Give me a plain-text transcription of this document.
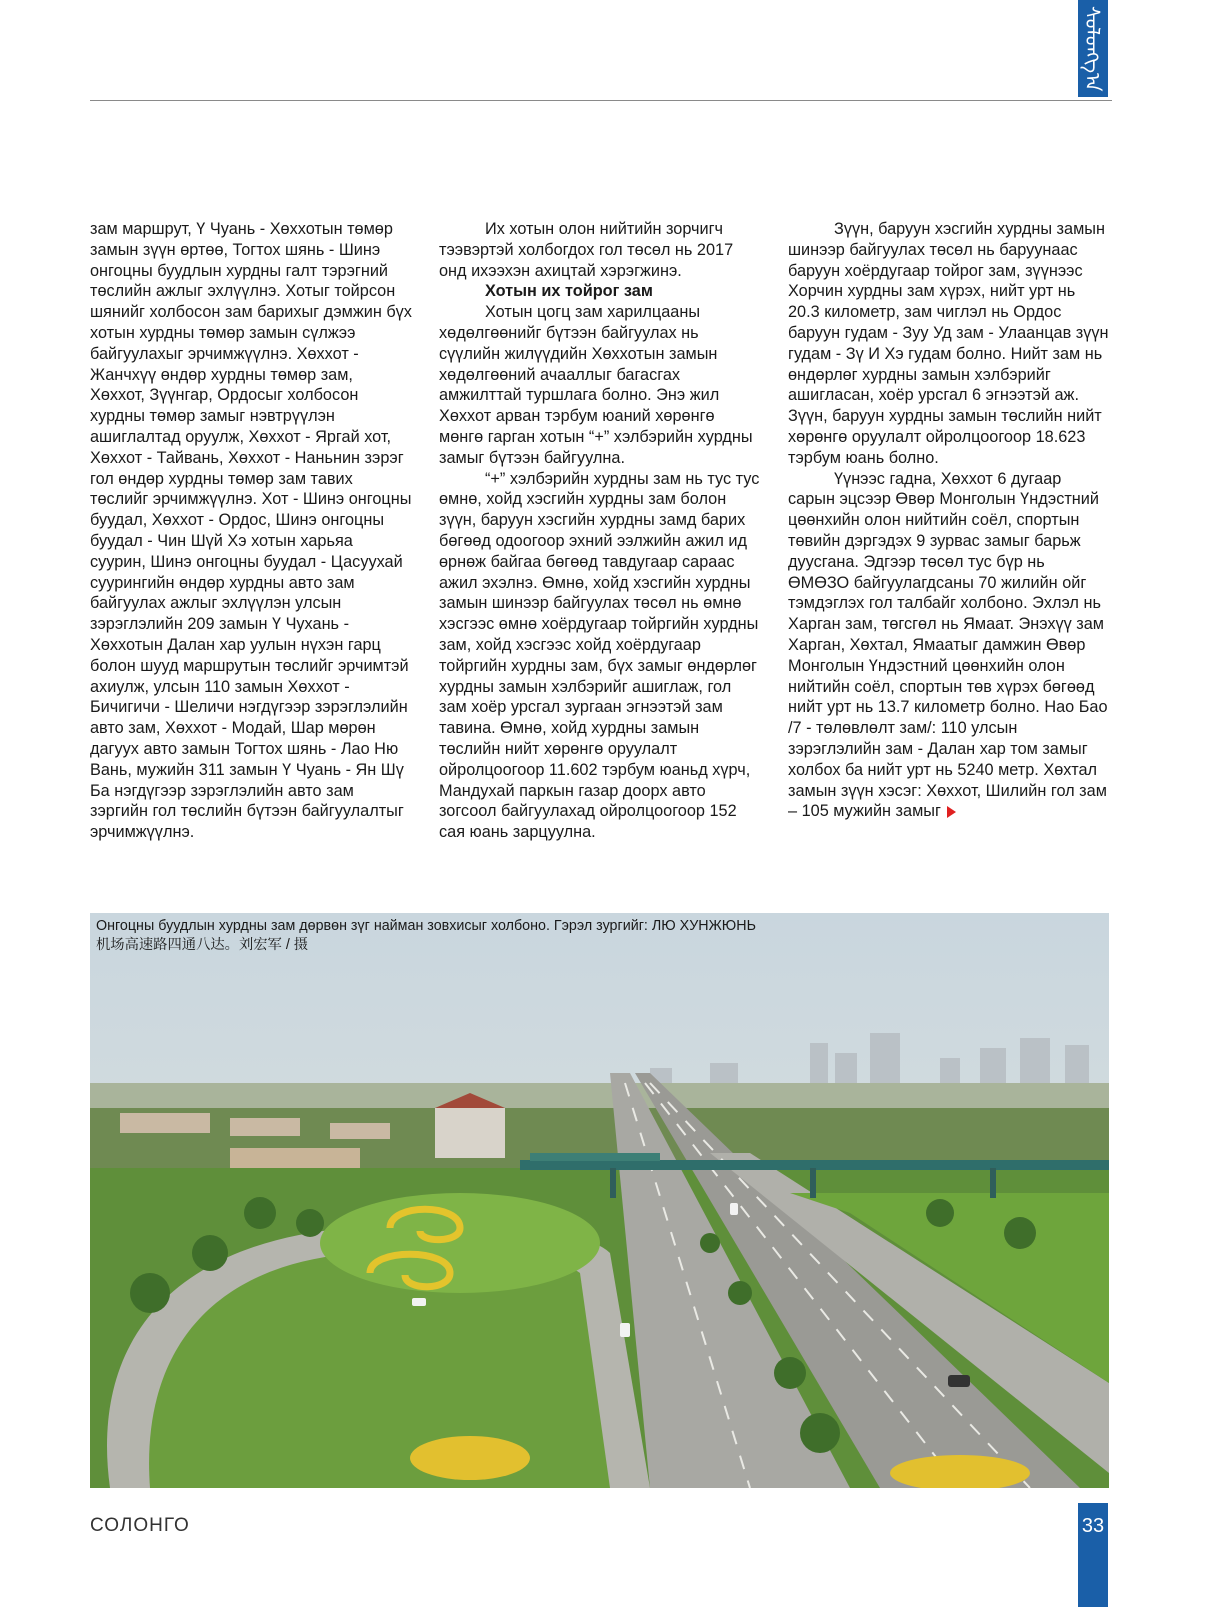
ᠰᠣᠯᠣᠩᠭ᠎ᠠ

зам маршрут, Ү Чуань - Хөххотын төмөр замын зүүн өртөө, Тогтох шянь - Шинэ онгоцны буудлын хурдны галт тэрэгний төслийн ажлыг эхлүүлнэ. Хотыг тойрсон шянийг холбосон зам барихыг дэмжин бүх хотын хурдны төмөр замын сүлжээ байгуулахыг эрчимжүүлнэ. Хөххот - Жанчхүү өндөр хурдны төмөр зам, Хөххот, Зүүнгар, Ордосыг холбосон хурдны төмөр замыг нэвтрүүлэн ашиглалтад оруулж, Хөххот - Яргай хот, Хөххот - Тайвань, Хөххот - Наньнин зэрэг гол өндөр хурдны төмөр зам тавих төслийг эрчимжүүлнэ. Хот - Шинэ онгоцны буудал, Хөххот - Ордос, Шинэ онгоцны буудал - Чин Шүй Хэ хотын харьяа суурин, Шинэ онгоцны буудал - Цасуухай суурингийн өндөр хурдны авто зам байгуулах ажлыг эхлүүлэн улсын зэрэглэлийн 209 замын Ү Чухань - Хөххотын Далан хар уулын нүхэн гарц болон шууд маршрутын төслийг эрчимтэй ахиулж, улсын 110 замын Хөххот - Бичигичи - Шеличи нэгдүгээр зэрэглэлийн авто зам, Хөххот - Модай, Шар мөрөн дагуух авто замын Тогтох шянь - Лао Ню Вань, мужийн 311 замын Ү Чуань - Ян Шү Ба нэгдүгээр зэрэглэлийн авто зам зэргийн гол төслийн бүтээн байгуулалтыг эрчимжүүлнэ.

Их хотын олон нийтийн зорчигч тээвэртэй холбогдох гол төсөл нь 2017 онд ихээхэн ахицтай хэрэгжинэ.

Хотын их тойрог зам

Хотын цогц зам харилцааны хөдөлгөөнийг бүтээн байгуулах нь сүүлийн жилүүдийн Хөххотын замын хөдөлгөөний ачааллыг багасгах амжилттай туршлага болно. Энэ жил Хөххот арван тэрбум юаний хөрөнгө мөнгө гарган хотын “+” хэлбэрийн хурдны замыг бүтээн байгуулна.

“+” хэлбэрийн хурдны зам нь тус тус өмнө, хойд хэсгийн хурдны зам болон зүүн, баруун хэсгийн хурдны замд барих бөгөөд одоогоор эхний ээлжийн ажил ид өрнөж байгаа бөгөөд тавдугаар сараас ажил эхэлнэ. Өмнө, хойд хэсгийн хурдны замын шинээр байгуулах төсөл нь өмнө хэсгээс өмнө хоёрдугаар тойргийн хурдны зам, хойд хэсгээс хойд хоёрдугаар тойргийн хурдны зам, бүх замыг өндөрлөг хурдны замын хэлбэрийг ашиглаж, гол зам хоёр урсгал зургаан эгнээтэй зам тавина. Өмнө, хойд хурдны замын төслийн нийт хөрөнгө оруулалт ойролцоогоор 11.602 тэрбум юаньд хүрч, Мандухай паркын газар доорх авто зогсоол байгуулахад ойролцоогоор 152 сая юань зарцуулна.

Зүүн, баруун хэсгийн хурдны замын шинээр байгуулах төсөл нь баруунаас баруун хоёрдугаар тойрог зам, зүүнээс Хорчин хурдны зам хүрэх, нийт урт нь 20.3 километр, зам чиглэл нь Ордос баруун гудам - Зуу Уд зам - Улаанцав зүүн гудам - Зү И Хэ гудам болно. Нийт зам нь өндөрлөг хурдны замын хэлбэрийг ашигласан, хоёр урсгал 6 эгнээтэй аж. Зүүн, баруун хурдны замын төслийн нийт хөрөнгө оруулалт ойролцоогоор 18.623 тэрбум юань болно.

Үүнээс гадна, Хөххот 6 дугаар сарын эцсээр Өвөр Монголын Үндэстний цөөнхийн олон нийтийн соёл, спортын төвийн дэргэдэх 9 зурвас замыг барьж дуусгана. Эдгээр төсөл тус бүр нь ӨМӨЗО байгуулагдсаны 70 жилийн ойг тэмдэглэх гол талбайг холбоно. Эхлэл нь Харган зам, төгсгөл нь Ямаат. Энэхүү зам Харган, Хөхтал, Ямаатыг дамжин Өвөр Монголын Үндэстний цөөнхийн олон нийтийн соёл, спортын төв хүрэх бөгөөд нийт урт нь 13.7 километр болно. Нао Бао /7 - төлөвлөлт зам/: 110 улсын зэрэглэлийн зам - Далан хар том замыг холбох ба нийт урт нь 5240 метр. Хөхтал замын зүүн хэсэг: Хөххот, Шилийн гол зам – 105 мужийн замыг

Онгоцны буудлын хурдны зам дөрвөн зүг найман зовхисыг холбоно. Гэрэл зургийг: ЛЮ ХУНЖЮНЬ
机场高速路四通八达。刘宏军 / 摄
СОЛОНГО	33
